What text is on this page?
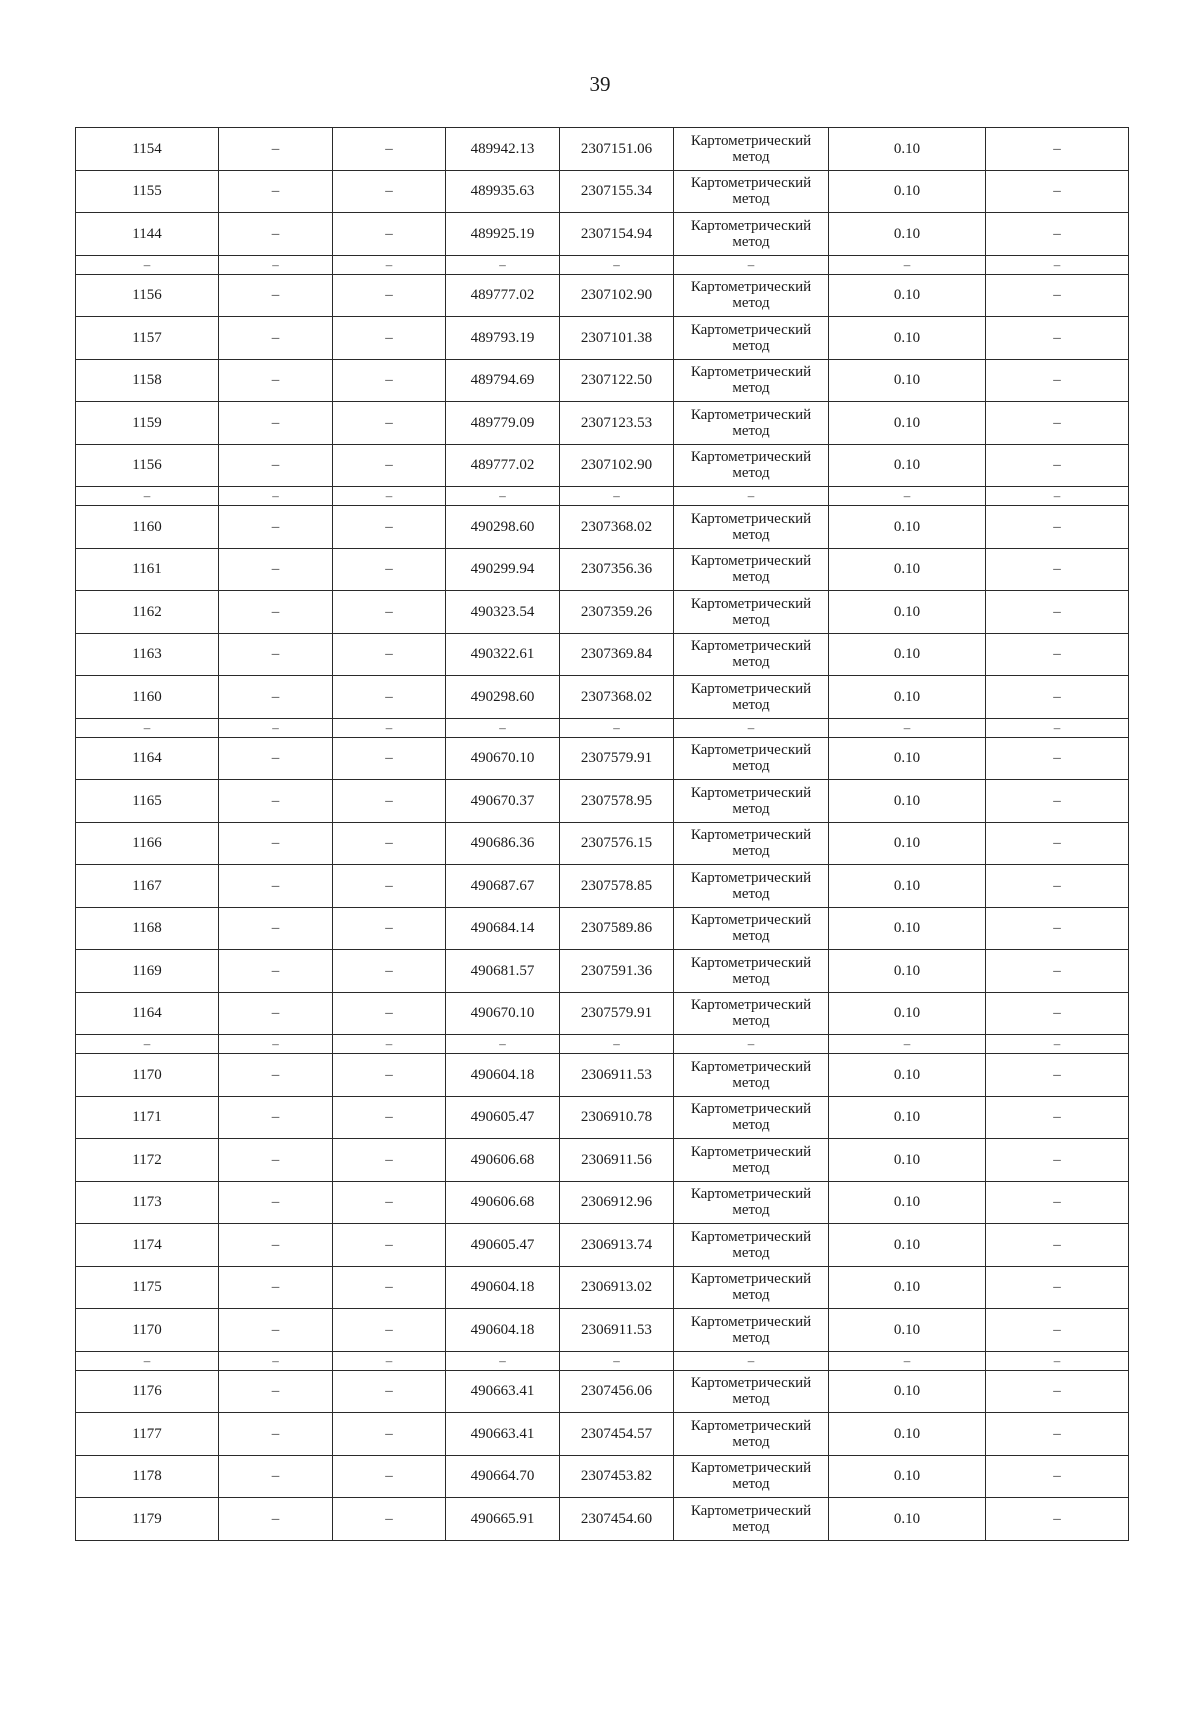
39
1154	–	–	489942.13	2307151.06	Картометрический метод	0.10	–
1155	–	–	489935.63	2307155.34	Картометрический метод	0.10	–
1144	–	–	489925.19	2307154.94	Картометрический метод	0.10	–
–	–	–	–	–	–	–	–
1156	–	–	489777.02	2307102.90	Картометрический метод	0.10	–
1157	–	–	489793.19	2307101.38	Картометрический метод	0.10	–
1158	–	–	489794.69	2307122.50	Картометрический метод	0.10	–
1159	–	–	489779.09	2307123.53	Картометрический метод	0.10	–
1156	–	–	489777.02	2307102.90	Картометрический метод	0.10	–
–	–	–	–	–	–	–	–
1160	–	–	490298.60	2307368.02	Картометрический метод	0.10	–
1161	–	–	490299.94	2307356.36	Картометрический метод	0.10	–
1162	–	–	490323.54	2307359.26	Картометрический метод	0.10	–
1163	–	–	490322.61	2307369.84	Картометрический метод	0.10	–
1160	–	–	490298.60	2307368.02	Картометрический метод	0.10	–
–	–	–	–	–	–	–	–
1164	–	–	490670.10	2307579.91	Картометрический метод	0.10	–
1165	–	–	490670.37	2307578.95	Картометрический метод	0.10	–
1166	–	–	490686.36	2307576.15	Картометрический метод	0.10	–
1167	–	–	490687.67	2307578.85	Картометрический метод	0.10	–
1168	–	–	490684.14	2307589.86	Картометрический метод	0.10	–
1169	–	–	490681.57	2307591.36	Картометрический метод	0.10	–
1164	–	–	490670.10	2307579.91	Картометрический метод	0.10	–
–	–	–	–	–	–	–	–
1170	–	–	490604.18	2306911.53	Картометрический метод	0.10	–
1171	–	–	490605.47	2306910.78	Картометрический метод	0.10	–
1172	–	–	490606.68	2306911.56	Картометрический метод	0.10	–
1173	–	–	490606.68	2306912.96	Картометрический метод	0.10	–
1174	–	–	490605.47	2306913.74	Картометрический метод	0.10	–
1175	–	–	490604.18	2306913.02	Картометрический метод	0.10	–
1170	–	–	490604.18	2306911.53	Картометрический метод	0.10	–
–	–	–	–	–	–	–	–
1176	–	–	490663.41	2307456.06	Картометрический метод	0.10	–
1177	–	–	490663.41	2307454.57	Картометрический метод	0.10	–
1178	–	–	490664.70	2307453.82	Картометрический метод	0.10	–
1179	–	–	490665.91	2307454.60	Картометрический метод	0.10	–
